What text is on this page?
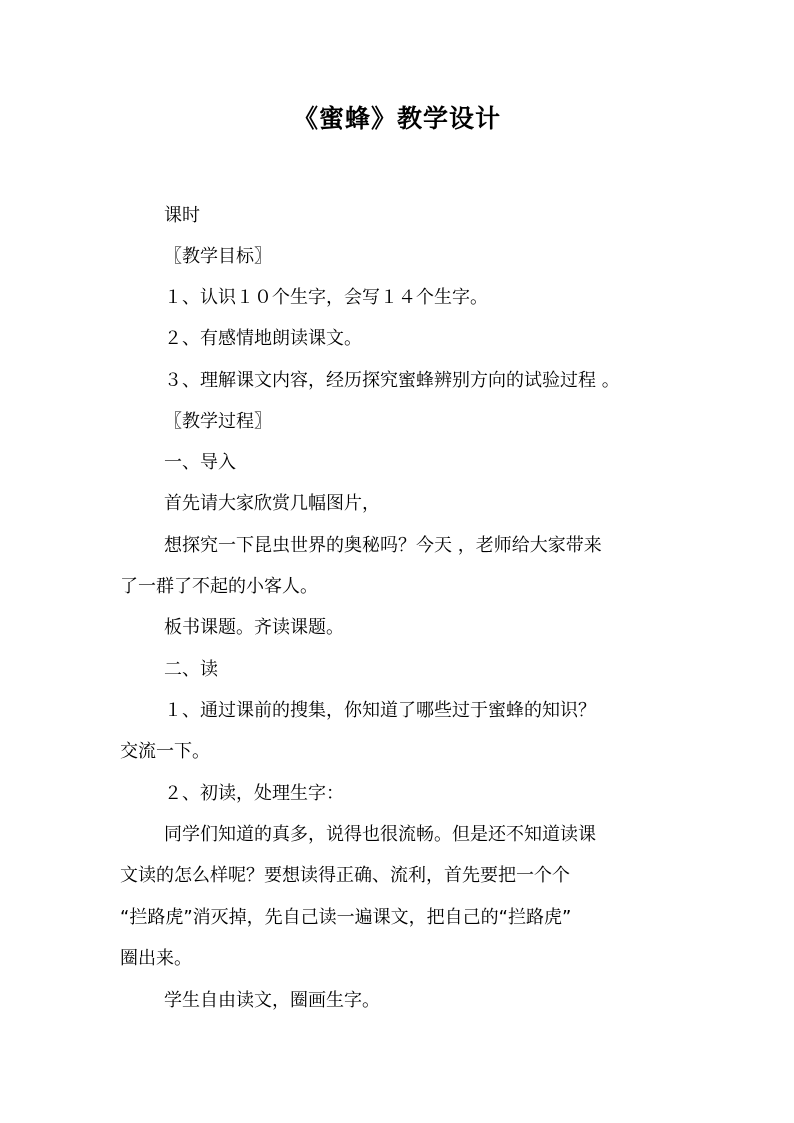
《蜜蜂》教学设计
课时
〖教学目标〗
１、认识１０个生字，会写１４个生字。
２、有感情地朗读课文。
３、理解课文内容，经历探究蜜蜂辨别方向的试验过程 。
〖教学过程〗
一、导入
首先请大家欣赏几幅图片，
想探究一下昆虫世界的奥秘吗？今天 ，老师给大家带来
了一群了不起的小客人。
板书课题。齐读课题。
二、读
１、通过课前的搜集，你知道了哪些过于蜜蜂的知识？
交流一下。
２、初读，处理生字：
同学们知道的真多，说得也很流畅。但是还不知道读课
文读的怎么样呢？要想读得正确、流利，首先要把一个个
“拦路虎”消灭掉，先自己读一遍课文，把自己的“拦路虎”
圈出来。
学生自由读文，圈画生字。
